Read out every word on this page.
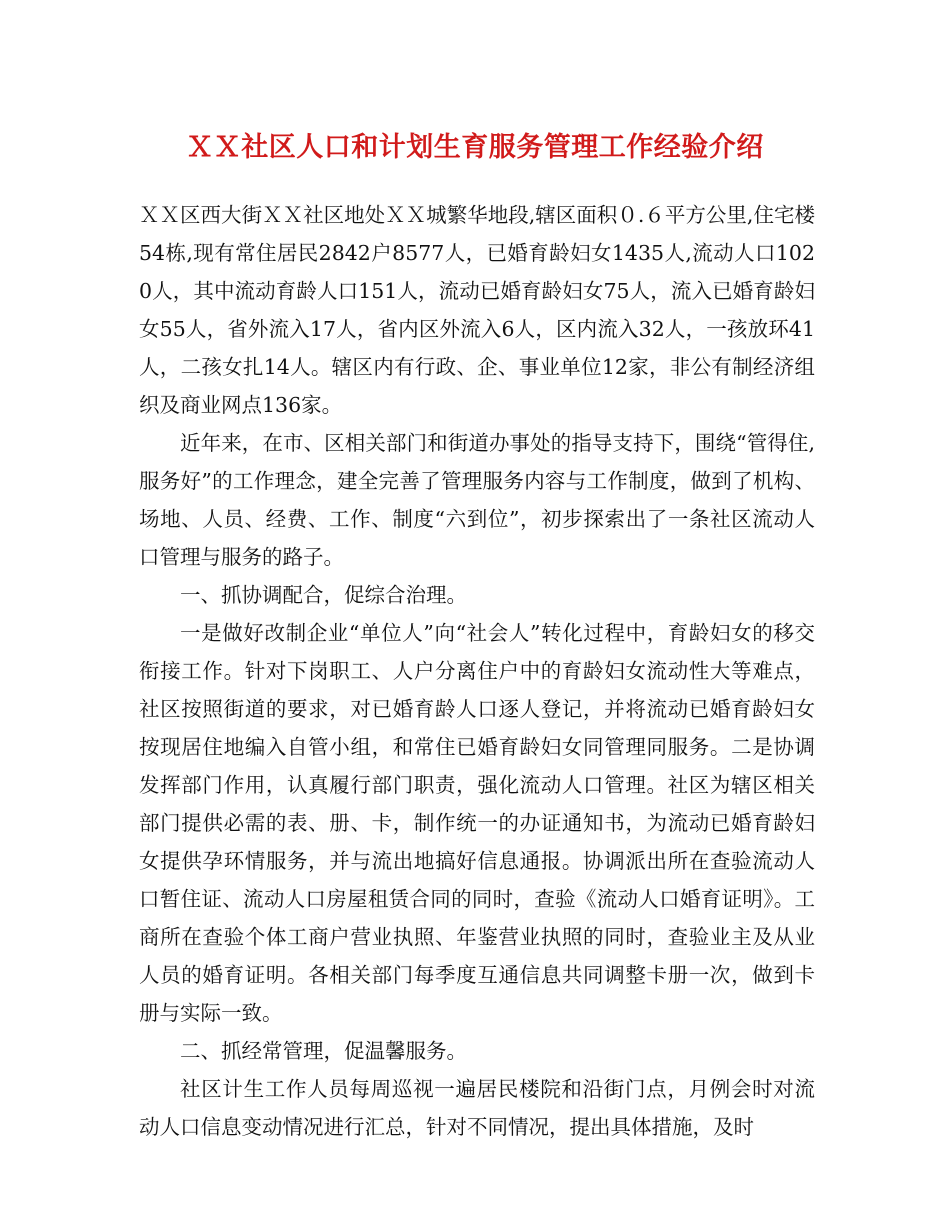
ＸＸ社区人口和计划生育服务管理工作经验介绍

ＸＸ区西大街ＸＸ社区地处ＸＸ城繁华地段,辖区面积０.６平方公里,住宅楼54栋,现有常住居民2842户8577人，已婚育龄妇女1435人,流动人口1020人，其中流动育龄人口151人，流动已婚育龄妇女75人，流入已婚育龄妇女55人，省外流入17人，省内区外流入6人，区内流入32人，一孩放环41人，二孩女扎14人。辖区内有行政、企、事业单位12家，非公有制经济组织及商业网点136家。

近年来，在市、区相关部门和街道办事处的指导支持下，围绕“管得住,服务好”的工作理念，建全完善了管理服务内容与工作制度，做到了机构、场地、人员、经费、工作、制度“六到位”，初步探索出了一条社区流动人口管理与服务的路子。

一、抓协调配合，促综合治理。

一是做好改制企业“单位人”向“社会人”转化过程中，育龄妇女的移交衔接工作。针对下岗职工、人户分离住户中的育龄妇女流动性大等难点，社区按照街道的要求，对已婚育龄人口逐人登记，并将流动已婚育龄妇女按现居住地编入自管小组，和常住已婚育龄妇女同管理同服务。二是协调发挥部门作用，认真履行部门职责，强化流动人口管理。社区为辖区相关部门提供必需的表、册、卡，制作统一的办证通知书，为流动已婚育龄妇女提供孕环情服务，并与流出地搞好信息通报。协调派出所在查验流动人口暂住证、流动人口房屋租赁合同的同时，查验《流动人口婚育证明》。工商所在查验个体工商户营业执照、年鉴营业执照的同时，查验业主及从业人员的婚育证明。各相关部门每季度互通信息共同调整卡册一次，做到卡册与实际一致。

二、抓经常管理，促温馨服务。

社区计生工作人员每周巡视一遍居民楼院和沿街门点，月例会时对流动人口信息变动情况进行汇总，针对不同情况，提出具体措施，及时
